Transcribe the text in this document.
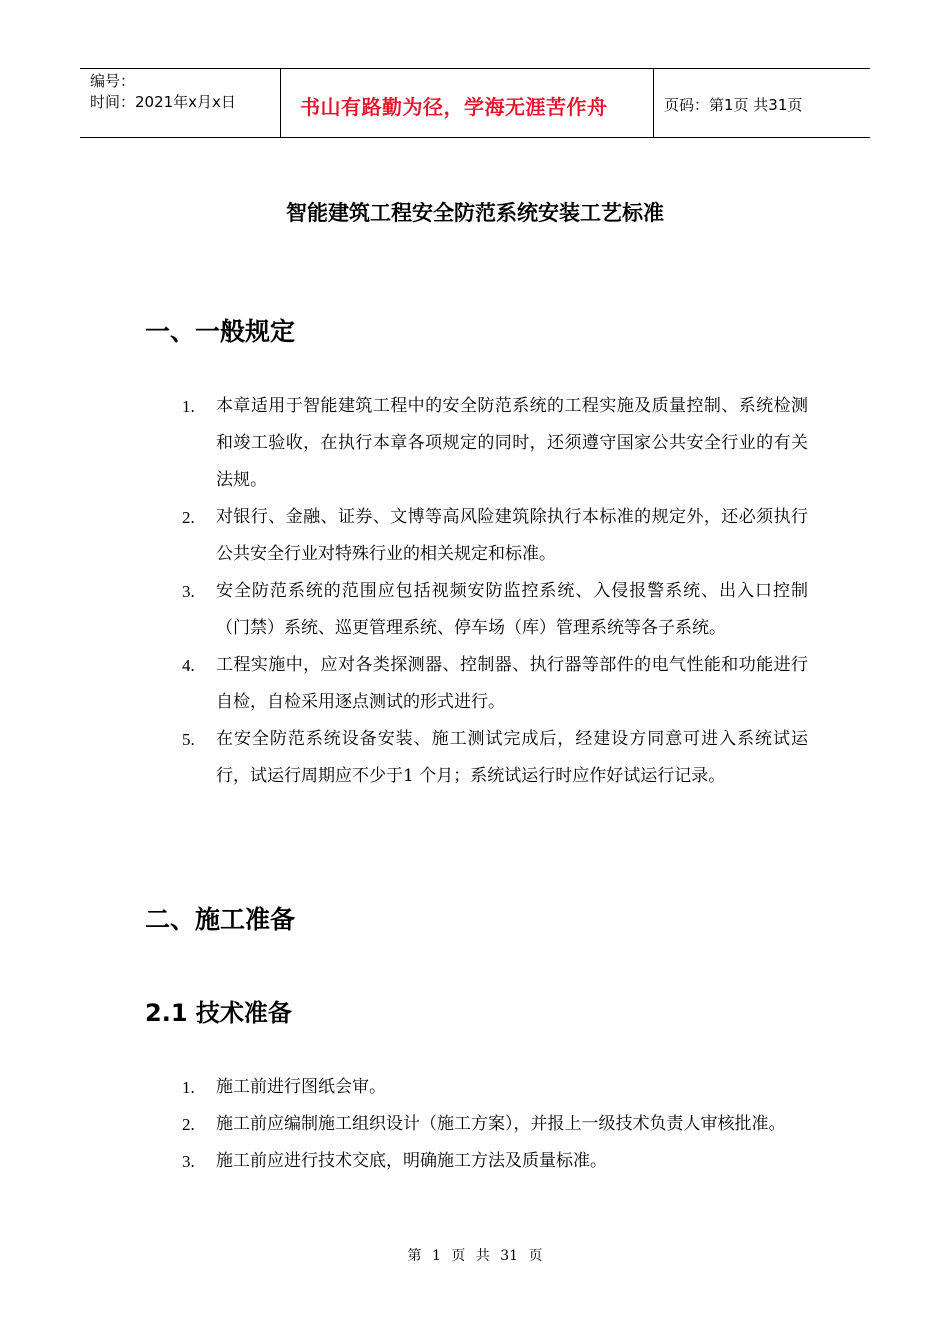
编号：
时间：2021年x月x日	书山有路勤为径，学海无涯苦作舟	页码：第1页 共31页
智能建筑工程安全防范系统安装工艺标准
一、一般规定
1.	本章适用于智能建筑工程中的安全防范系统的工程实施及质量控制、系统检测和竣工验收，在执行本章各项规定的同时，还须遵守国家公共安全行业的有关法规。
2.	对银行、金融、证券、文博等高风险建筑除执行本标准的规定外，还必须执行公共安全行业对特殊行业的相关规定和标准。
3.	安全防范系统的范围应包括视频安防监控系统、入侵报警系统、出入口控制（门禁）系统、巡更管理系统、停车场（库）管理系统等各子系统。
4.	工程实施中，应对各类探测器、控制器、执行器等部件的电气性能和功能进行自检，自检采用逐点测试的形式进行。
5.	在安全防范系统设备安装、施工测试完成后，经建设方同意可进入系统试运行，试运行周期应不少于1 个月；系统试运行时应作好试运行记录。
二、施工准备
2.1 技术准备
1.	施工前进行图纸会审。
2.	施工前应编制施工组织设计（施工方案），并报上一级技术负责人审核批准。
3.	施工前应进行技术交底，明确施工方法及质量标准。
第 1 页 共 31 页
